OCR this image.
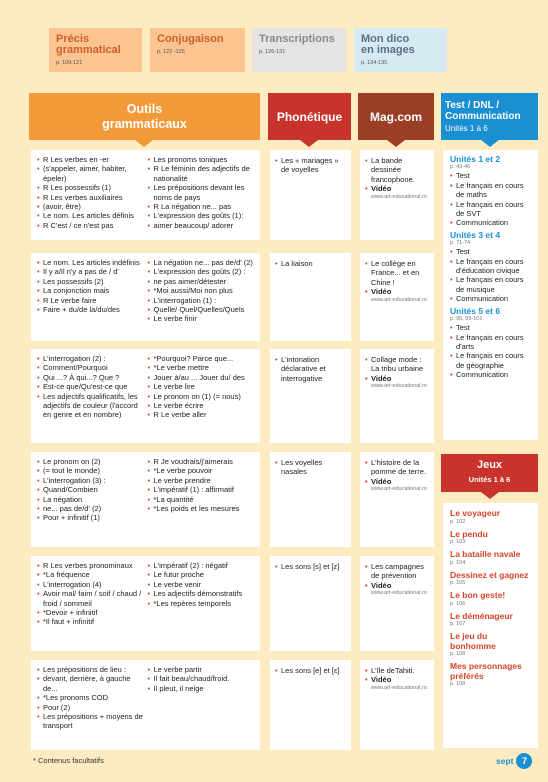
Précis
grammatical
p. 109-121
Conjugaison
p. 122 -125
Transcriptions
p. 126-131
Mon dico
en images
p. 134-135
Outils
grammaticaux	Phonétique	Mag.com
Test / DNL /
Communication
Unités 1 à 6
• R Les verbes en -er
• (s'appeler, aimer, habiter, épeler)
• R Les possessifs (1)
• R Les verbes auxiliaires
• (avoir, être)
• Le nom. Les articles définis
• R C'est / ce n'est pas
• Les pronoms toniques
• R Le féminin des adjectifs de nationalité
• Les prépositions devant les noms de pays
• R La négation ne... pas
• L'expression des goûts (1):
• aimer beaucoup/ adorer
• Les « mariages » de voyelles
• La bande dessinée francophone.
• Vidéo
www.art-educational.ro
• Le nom. Les articles indéfinis
• Il y a/Il n'y a pas de / d'
• Les possessifs (2)
• La conjonction mais
• R Le verbe faire
• Faire + du/de la/du/des
• La négation ne... pas de/d' (2)
• L'expression des goûts (2) :
• ne pas aimer/détester
• *Moi aussi/Moi non plus
• L'interrogation (1) :
• Quelle/ Quel/Quelles/Quels
• Le verbe finir
• La liaison	• Le collège en France... et en Chine !
• Vidéo
www.art-educational.ro
• L'interrogation (2) :
• Comment/Pourquoi
• Qui ...? À qui...? Que ?
• Est-ce que/Qu'est-ce que
• Les adjectifs qualificatifs, les adjectifs de couleur (l'accord en genre et en nombre)
• *Pourquoi? Parce que...
• *Le verbe mettre
• Jouer à/au ... Jouer du/ des
• Le verbe lire
• Le pronom on (1) (= nous)
• Le verbe écrire
• R Le verbe aller
• L'intonation déclarative et interrogative
• Collage mode : La tribu urbaine
• Vidéo
www.art-educational.ro
• Le pronom on (2)
• (= tout le monde)
• L'interrogation (3) :
• Quand/Combien
• La négation
• ne... pas de/d' (2)
• Pour + infinitif (1)
• R Je voudrais/j'aimerais
• *Le verbe pouvoir
• Le verbe prendre
• L'impératif (1) : affirmatif
• *La quantité
• *Les poids et les mesures
• Les voyelles nasales
• L'histoire de la pomme de terre.
• Vidéo
www.art-educational.ro
• R Les verbes pronominaux
• *La fréquence
• L'interrogation (4)
• Avoir mal/ faim / soif / chaud / froid / sommeil
• *Devoir + infinitif
• *Il faut + infinitif
• L'impératif (2) : négatif
• Le futur proche
• Le verbe venir
• Les adjectifs démonstratifs
• *Les repères temporels
• Les sons [s] et [z]	• Les campagnes de prévention
• Vidéo
www.art-educational.ro
• Les prépositions de lieu :
• devant, derrière, à gauche de...
• *Les pronoms COD
• Pour (2)
• Les prépositions + moyens de transport
• Le verbe partir
• Il fait beau/chaud/froid.
• Il pleut, il neige
• Les sons [e] et [ɛ]	• L'île deTahiti.
• Vidéo
www.art-educational.ro
Unités 1 et 2
p. 43-46
• Test
• Le français en cours de maths
• Le français en cours de SVT
• Communication
Unités 3 et 4
p. 71-74
• Test
• Le français en cours d'éducation civique
• Le français en cours de musique
• Communication
Unités 5 et 6
p. 95, 99-101
• Test
• Le français en cours d'arts
• Le français en cours de géographie
• Communication
Jeux
Unités 1 à 6
Le voyageur
p. 102
Le pendu
p. 103
La bataille navale
p. 104
Dessinez et gagnez
p. 105
Le bon geste!
p. 106
Le déménageur
p. 107
Le jeu du bonhomme
p. 108
Mes personnages préférés
p. 108
* Contenus facultatifs	sept 7
